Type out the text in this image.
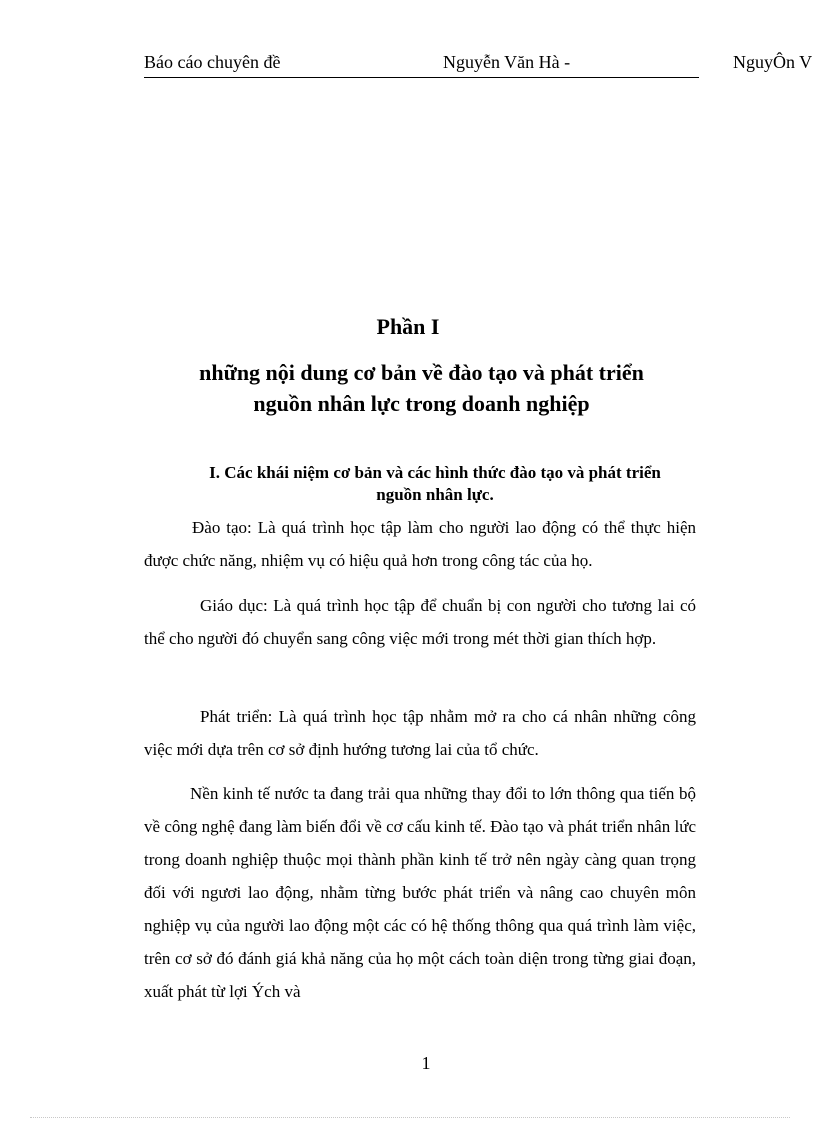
Báo cáo chuyên đề	Nguyễn Văn Hà -	NguyÔn V
Phần I
những nội dung cơ bản về đào tạo và phát triển
nguồn nhân lực trong doanh nghiệp
I. Các khái niệm cơ bản và các hình thức đào tạo và phát triển
nguồn nhân lực.

Đào tạo: Là quá trình học tập làm cho người lao động có thể thực hiện được chức năng, nhiệm vụ có hiệu quả hơn trong công tác của họ.

Giáo dục: Là quá trình học tập để chuẩn bị con người cho tương lai có thể cho người đó chuyển sang công việc mới trong mét thời gian thích hợp.

Phát triển: Là quá trình học tập nhằm mở ra cho cá nhân những công việc mới dựa trên cơ sở định hướng tương lai của tổ chức.

Nền kinh tế nước ta đang trải qua những thay đổi to lớn thông qua tiến bộ về công nghệ đang làm biến đổi về cơ cấu kinh tế. Đào tạo và phát triển nhân lức trong doanh nghiệp thuộc mọi thành phần kinh tế trở nên ngày càng quan trọng đối với ngươi lao động, nhằm từng bước phát triển và nâng cao chuyên môn nghiệp vụ của người lao động một các có hệ thống thông qua quá trình làm việc, trên cơ sở đó đánh giá khả năng của họ một cách toàn diện trong từng giai đoạn, xuất phát từ lợi Ých và

1
